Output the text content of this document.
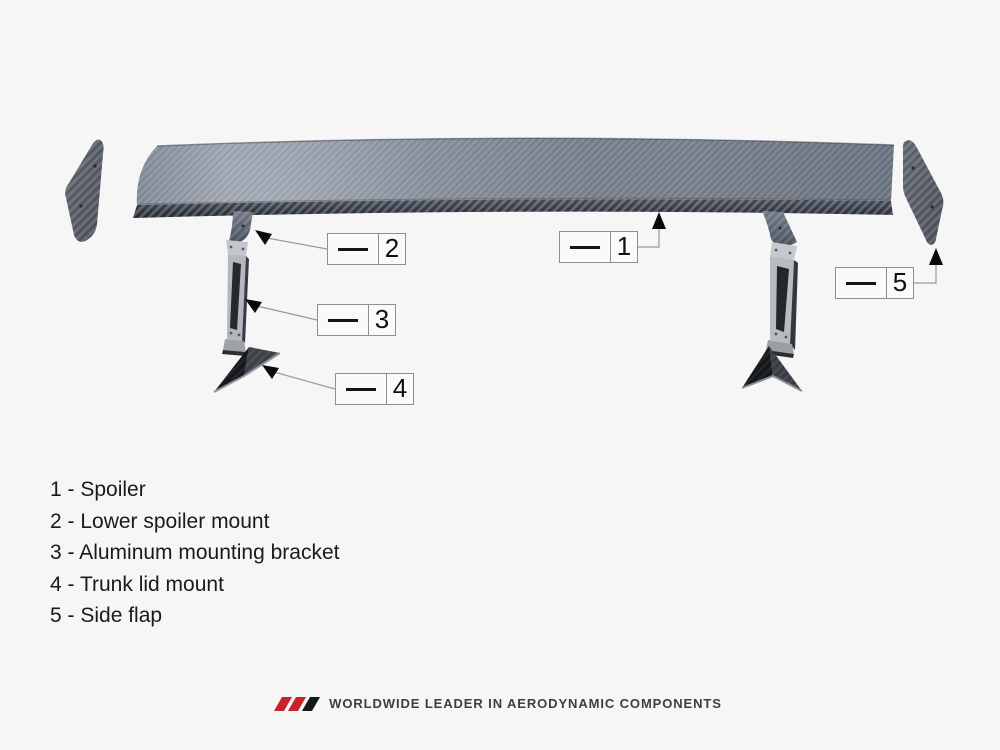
1
2
3
4
5
1 - Spoiler
2 - Lower spoiler mount
3 - Aluminum mounting bracket
4 - Trunk lid mount
5 - Side flap
WORLDWIDE LEADER IN AERODYNAMIC COMPONENTS
